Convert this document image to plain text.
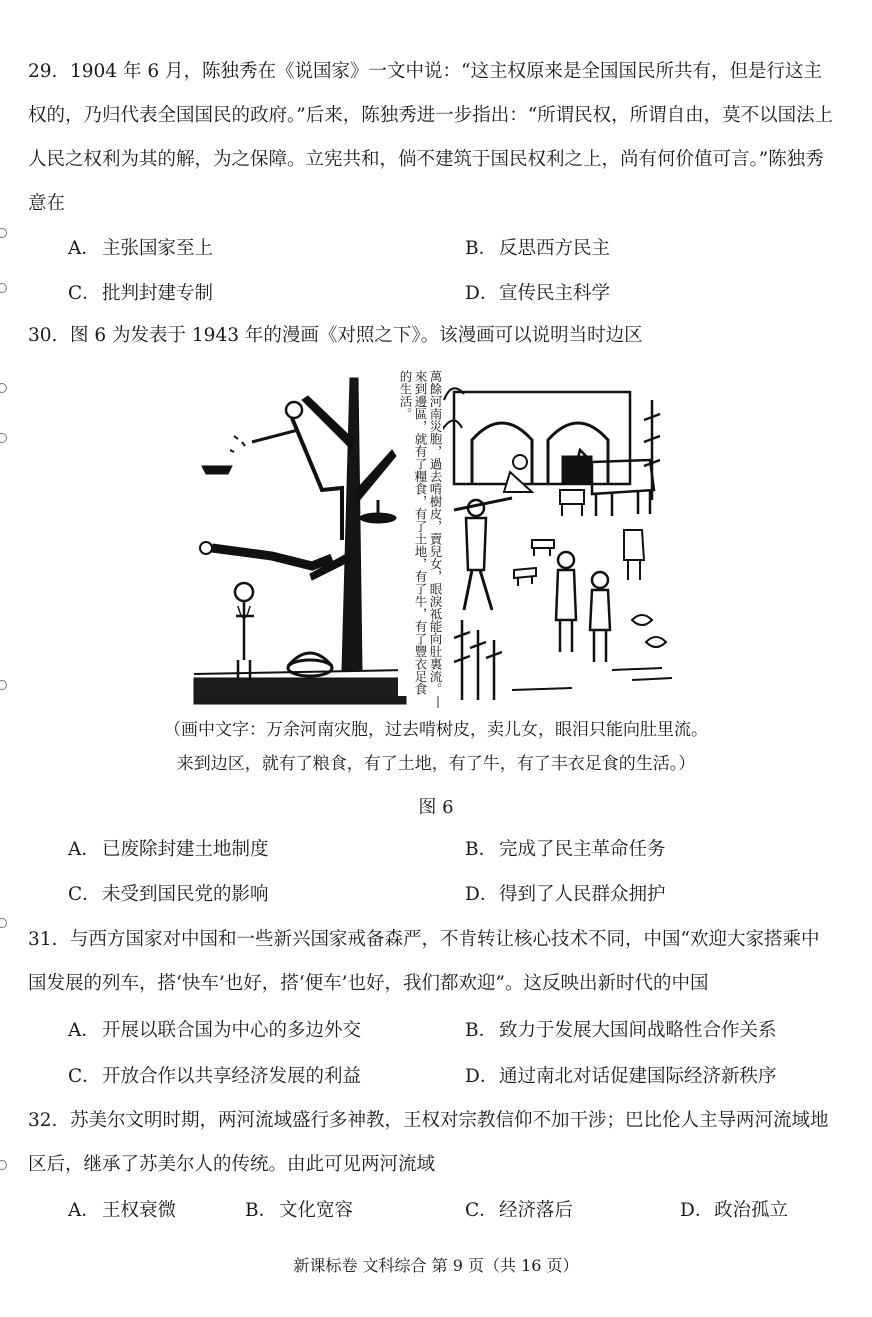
29. 1904 年 6 月，陈独秀在《说国家》一文中说：“这主权原来是全国国民所共有，但是行这主权的，乃归代表全国国民的政府。”后来，陈独秀进一步指出：“所谓民权，所谓自由，莫不以国法上人民之权利为其的解，为之保障。立宪共和，倘不建筑于国民权利之上，尚有何价值可言。”陈独秀意在
A． 主张国家至上	B． 反思西方民主
C．批判封建专制	D．宣传民主科学
30. 图 6 为发表于 1943 年的漫画《对照之下》。该漫画可以说明当时边区
萬餘河南災胞，過去啃樹皮，賣兒女，眼淚祗能向肚裏流。來到邊區，就有了糧食，有了土地，有了牛，有了豐衣足食的生活。
（画中文字：万余河南灾胞，过去啃树皮，卖儿女，眼泪只能向肚里流。
来到边区，就有了粮食，有了土地，有了牛，有了丰衣足食的生活。）
图 6
A． 已废除封建土地制度	B． 完成了民主革命任务
C．未受到国民党的影响	D．得到了人民群众拥护
31. 与西方国家对中国和一些新兴国家戒备森严，不肯转让核心技术不同，中国“欢迎大家搭乘中国发展的列车，搭‘快车’也好，搭‘便车’也好，我们都欢迎”。这反映出新时代的中国
A． 开展以联合国为中心的多边外交	B． 致力于发展大国间战略性合作关系
C．开放合作以共享经济发展的利益	D．通过南北对话促建国际经济新秩序
32. 苏美尔文明时期，两河流域盛行多神教，王权对宗教信仰不加干涉；巴比伦人主导两河流域地区后，继承了苏美尔人的传统。由此可见两河流域
A． 王权衰微	B． 文化宽容	C．经济落后	D．政治孤立
新课标卷 文科综合 第 9 页（共 16 页）
